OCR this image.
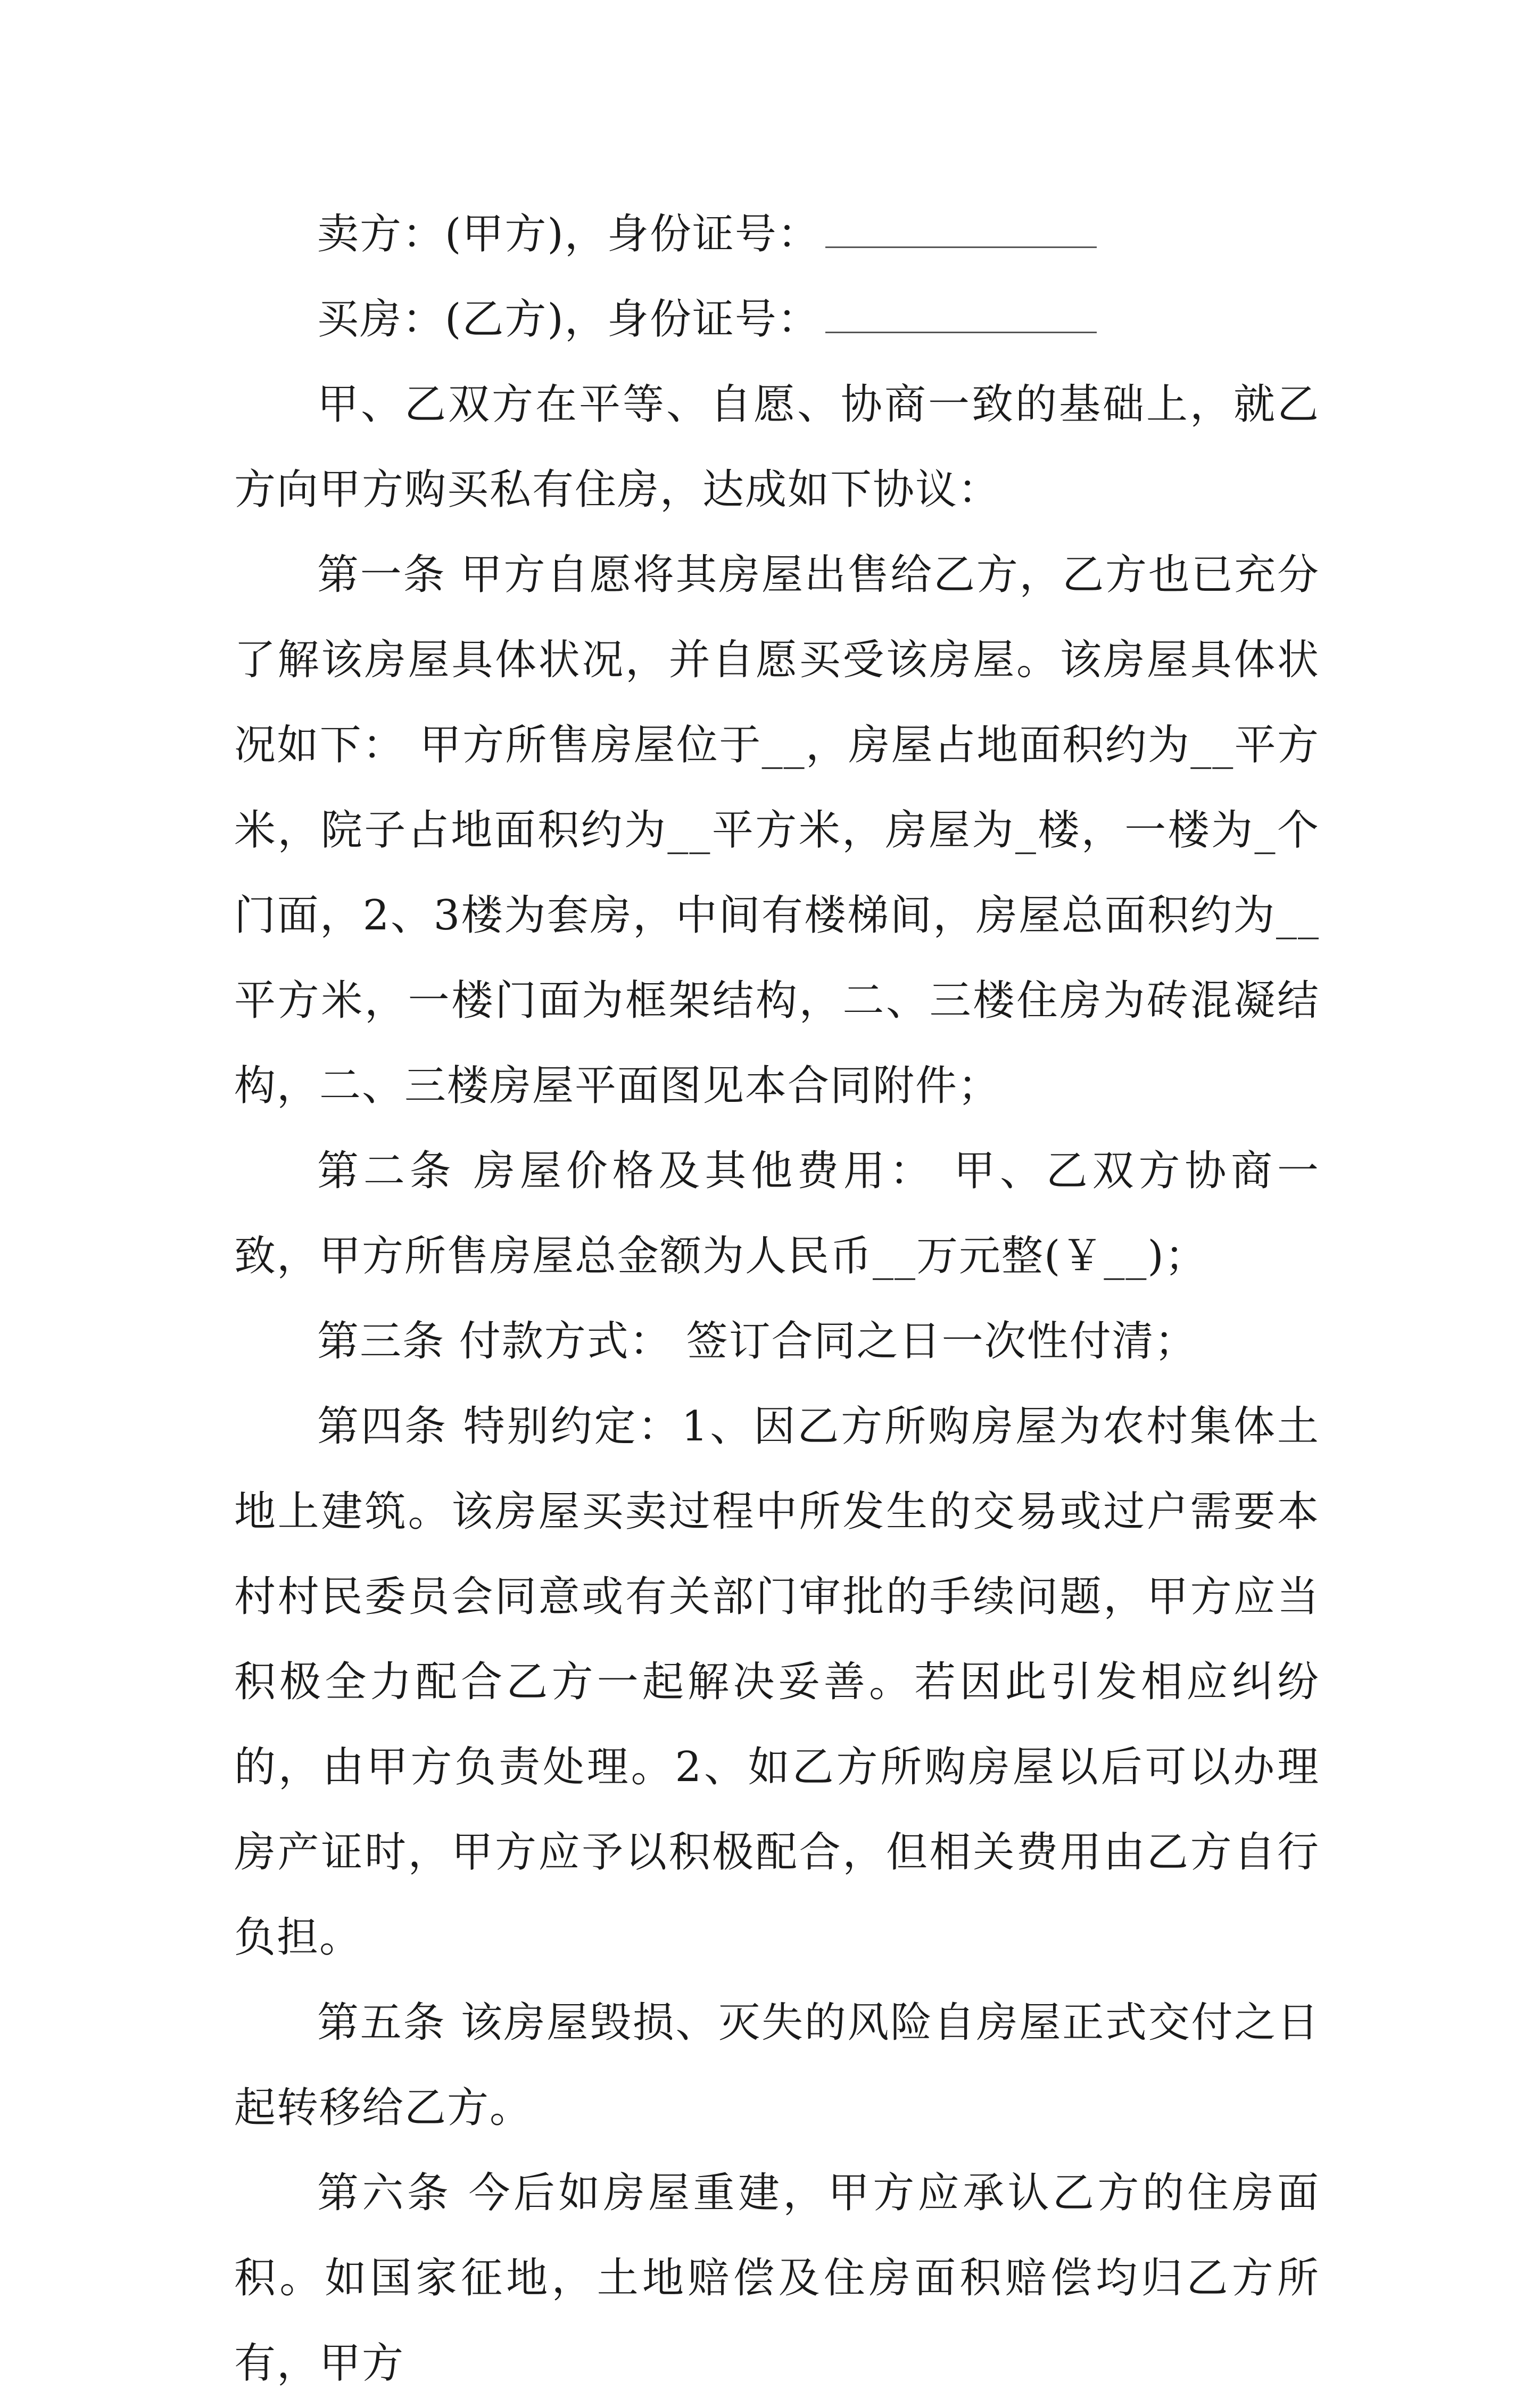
卖方：(甲方)，身份证号：

买房：(乙方)，身份证号：

甲、乙双方在平等、自愿、协商一致的基础上，就乙方向甲方购买私有住房，达成如下协议：

第一条 甲方自愿将其房屋出售给乙方，乙方也已充分了解该房屋具体状况，并自愿买受该房屋。该房屋具体状况如下： 甲方所售房屋位于__，房屋占地面积约为__平方米，院子占地面积约为__平方米，房屋为_楼，一楼为_个门面，2、3楼为套房，中间有楼梯间，房屋总面积约为__平方米，一楼门面为框架结构，二、三楼住房为砖混凝结构，二、三楼房屋平面图见本合同附件；

第二条 房屋价格及其他费用： 甲、乙双方协商一致，甲方所售房屋总金额为人民币__万元整(￥__)；

第三条 付款方式： 签订合同之日一次性付清；

第四条 特别约定：1、因乙方所购房屋为农村集体土地上建筑。该房屋买卖过程中所发生的交易或过户需要本村村民委员会同意或有关部门审批的手续问题，甲方应当积极全力配合乙方一起解决妥善。若因此引发相应纠纷的，由甲方负责处理。2、如乙方所购房屋以后可以办理房产证时，甲方应予以积极配合，但相关费用由乙方自行负担。

第五条 该房屋毁损、灭失的风险自房屋正式交付之日起转移给乙方。

第六条 今后如房屋重建，甲方应承认乙方的住房面积。如国家征地，土地赔偿及住房面积赔偿均归乙方所有，甲方
